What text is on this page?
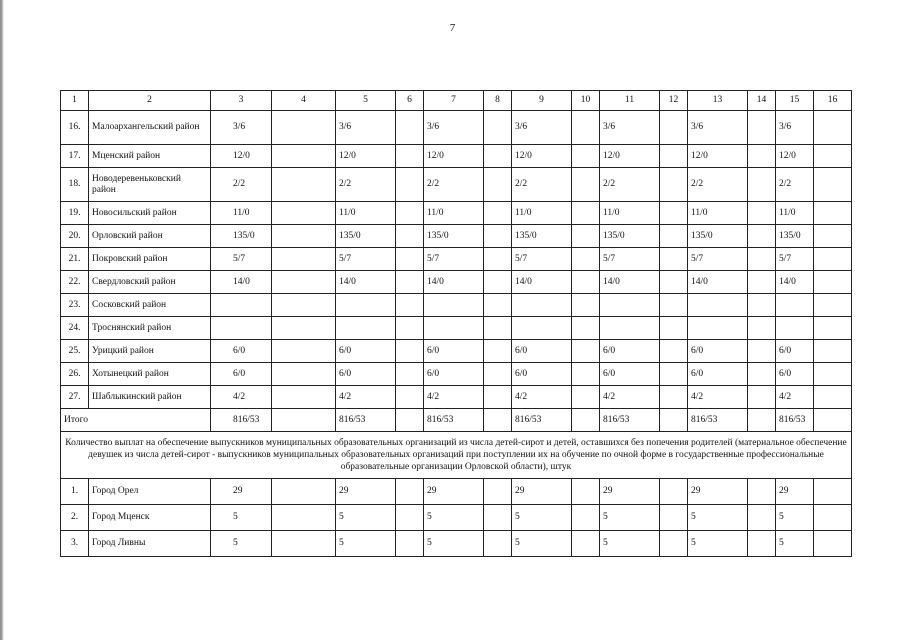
7
1	2	3	4	5	6	7	8	9	10	11	12	13	14	15	16
16.	Малоархангельский район	3/6		3/6		3/6		3/6		3/6		3/6		3/6	
17.	Мценский район	12/0		12/0		12/0		12/0		12/0		12/0		12/0	
18.	Новодеревеньковский район	2/2		2/2		2/2		2/2		2/2		2/2		2/2	
19.	Новосильский район	11/0		11/0		11/0		11/0		11/0		11/0		11/0	
20.	Орловский район	135/0		135/0		135/0		135/0		135/0		135/0		135/0	
21.	Покровский район	5/7		5/7		5/7		5/7		5/7		5/7		5/7	
22.	Свердловский район	14/0		14/0		14/0		14/0		14/0		14/0		14/0	
23.	Сосковский район														
24.	Троснянский район														
25.	Урицкий район	6/0		6/0		6/0		6/0		6/0		6/0		6/0	
26.	Хотынецкий район	6/0		6/0		6/0		6/0		6/0		6/0		6/0	
27.	Шаблыкинский район	4/2		4/2		4/2		4/2		4/2		4/2		4/2	
Итого		816/53		816/53		816/53		816/53		816/53		816/53		816/53	
Количество выплат на обеспечение выпускников муниципальных образовательных организаций из числа детей-сирот и детей, оставшихся без попечения родителей (материальное обеспечение девушек из числа детей-сирот - выпускников муниципальных образовательных организаций при поступлении их на обучение по очной форме в государственные профессиональные образовательные организации Орловской области), штук															
1.	Город Орел	29		29		29		29		29		29		29	
2.	Город Мценск	5		5		5		5		5		5		5	
3.	Город Ливны	5		5		5		5		5		5		5	
